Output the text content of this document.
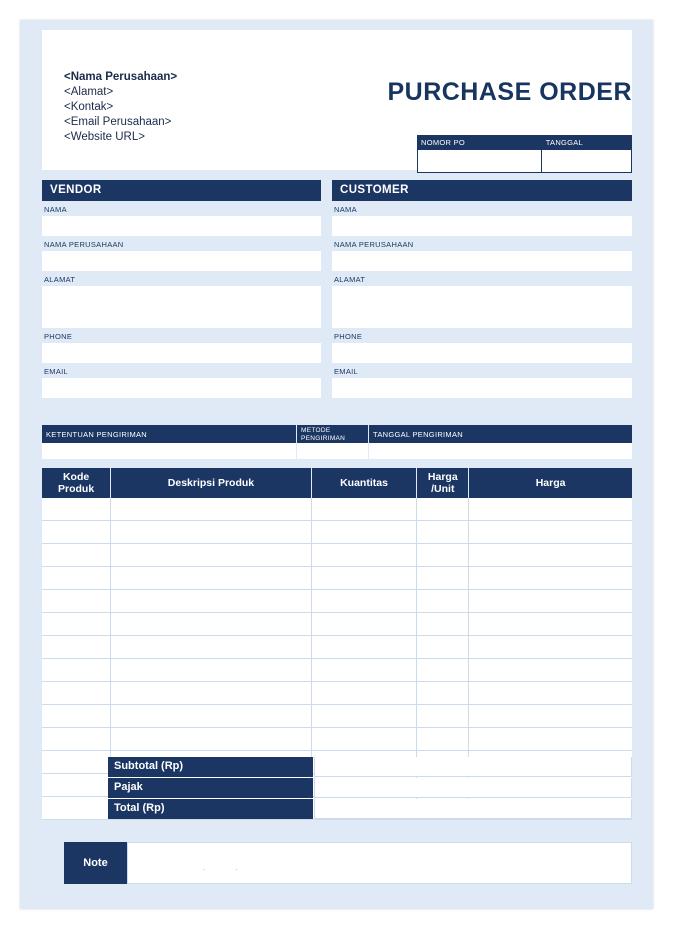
<Nama Perusahaan>
<Alamat>
<Kontak>
<Email Perusahaan>
<Website URL>
PURCHASE ORDER
NOMOR PO	TANGGAL
VENDOR
NAMA
NAMA PERUSAHAAN
ALAMAT
PHONE
EMAIL
CUSTOMER
NAMA
NAMA PERUSAHAAN
ALAMAT
PHONE
EMAIL
KETENTUAN PENGIRIMAN	METODE PENGIRIMAN	TANGGAL PENGIRIMAN
Kode Produk	Deskripsi Produk	Kuantitas	Harga /Unit	Harga

Subtotal (Rp)
Pajak
Total (Rp)
Note	. .
